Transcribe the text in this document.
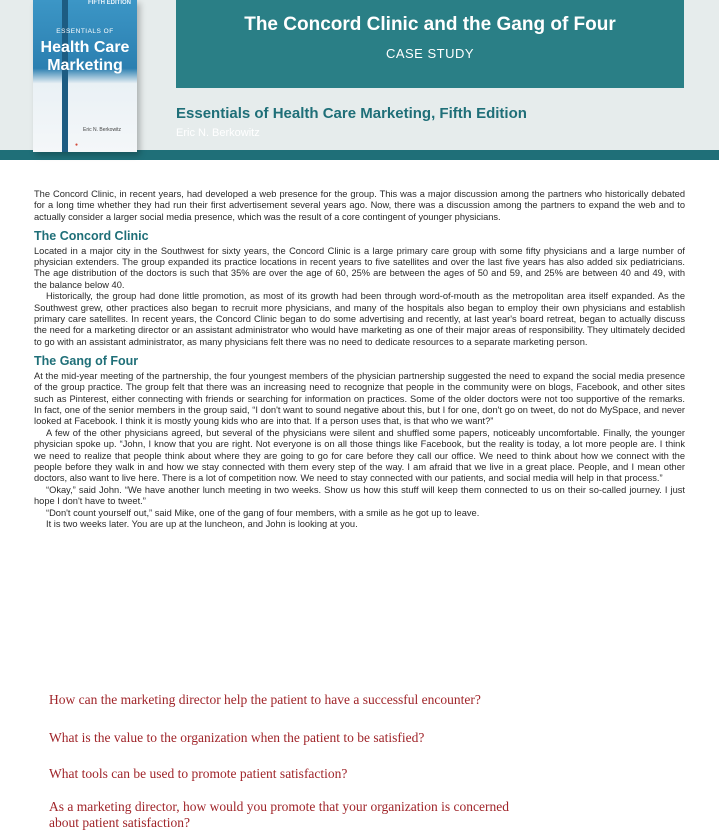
FIFTH EDITION
ESSENTIALS OF
Health Care
Marketing
Eric N. Berkowitz
●
The Concord Clinic and the Gang of Four
CASE STUDY
Essentials of Health Care Marketing, Fifth Edition
Eric N. Berkowitz

The Concord Clinic, in recent years, had developed a web presence for the group. This was a major discussion among the partners who historically debated for a long time whether they had run their first advertisement several years ago. Now, there was a discussion among the partners to expand the web and to actually consider a larger social media presence, which was the result of a core contingent of younger physicians.

The Concord Clinic

Located in a major city in the Southwest for sixty years, the Concord Clinic is a large primary care group with some fifty physicians and a large number of physician extenders. The group expanded its practice locations in recent years to five satellites and over the last five years has also added six pediatricians. The age distribution of the doctors is such that 35% are over the age of 60, 25% are between the ages of 50 and 59, and 25% are between 40 and 49, with the balance below 40.

Historically, the group had done little promotion, as most of its growth had been through word-of-mouth as the metropolitan area itself expanded. As the Southwest grew, other practices also began to recruit more physicians, and many of the hospitals also began to employ their own physicians and establish primary care satellites. In recent years, the Concord Clinic began to do some advertising and recently, at last year's board retreat, began to actually discuss the need for a marketing director or an assistant administrator who would have marketing as one of their major areas of responsibility. They ultimately decided to go with an assistant administrator, as many physicians felt there was no need to dedicate resources to a separate marketing person.

The Gang of Four

At the mid-year meeting of the partnership, the four youngest members of the physician partnership suggested the need to expand the social media presence of the group practice. The group felt that there was an increasing need to recognize that people in the community were on blogs, Facebook, and other sites such as Pinterest, either connecting with friends or searching for information on practices. Some of the older doctors were not too supportive of the remarks. In fact, one of the senior members in the group said, “I don't want to sound negative about this, but I for one, don't go on tweet, do not do MySpace, and never looked at Facebook. I think it is mostly young kids who are into that. If a person uses that, is that who we want?”

A few of the other physicians agreed, but several of the physicians were silent and shuffled some papers, noticeably uncomfortable. Finally, the younger physician spoke up. “John, I know that you are right. Not everyone is on all those things like Facebook, but the reality is today, a lot more people are. I think we need to realize that people think about where they are going to go for care before they call our office. We need to think about how we connect with the people before they walk in and how we stay connected with them every step of the way. I am afraid that we live in a great place. People, and I mean other doctors, also want to live here. There is a lot of competition now. We need to stay connected with our patients, and social media will help in that process.”

“Okay,” said John. “We have another lunch meeting in two weeks. Show us how this stuff will keep them connected to us on their so-called journey. I just hope I don't have to tweet.”

“Don't count yourself out,” said Mike, one of the gang of four members, with a smile as he got up to leave.

It is two weeks later. You are up at the luncheon, and John is looking at you.

How can the marketing director help the patient to have a successful encounter?
What is the value to the organization when the patient to be satisfied?
What tools can be used to promote patient satisfaction?
As a marketing director, how would you promote that your organization is concerned about patient satisfaction?
